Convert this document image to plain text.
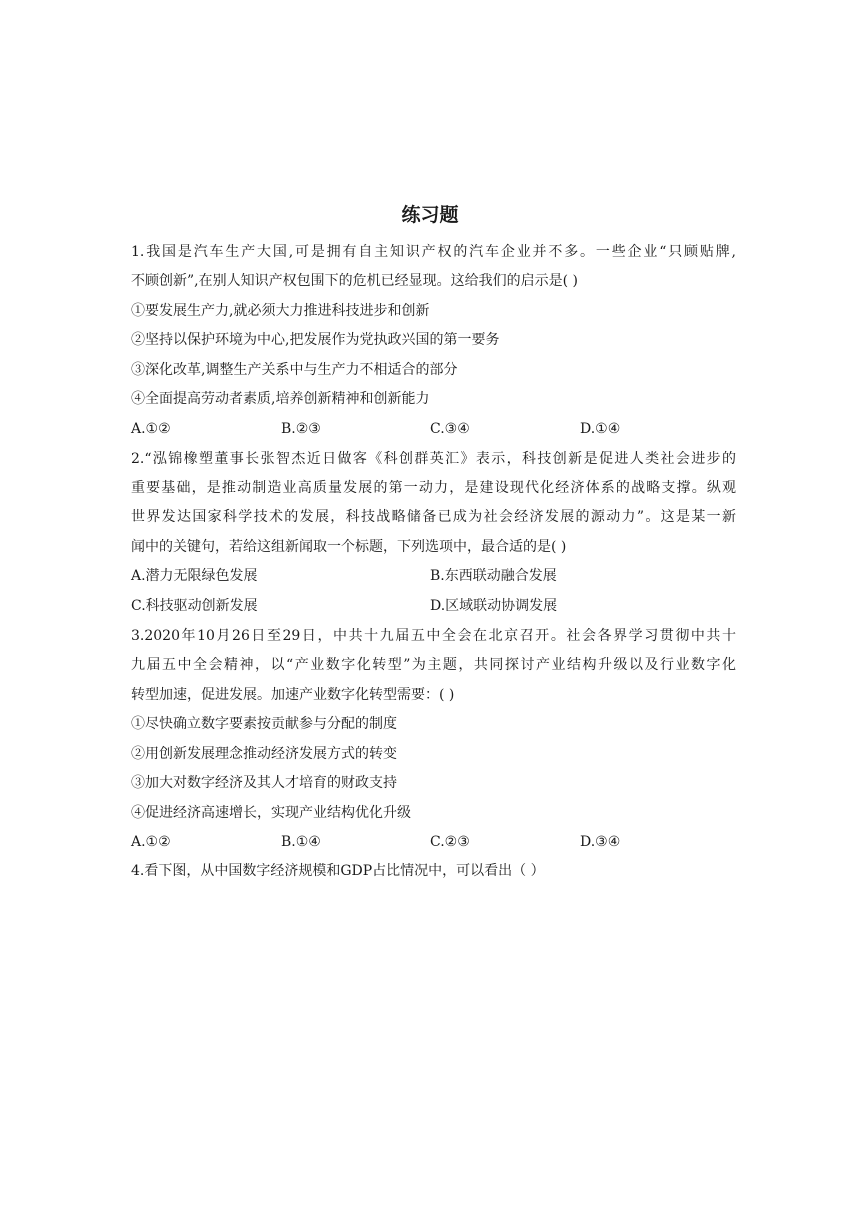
练习题
1.我国是汽车生产大国,可是拥有自主知识产权的汽车企业并不多。一些企业“只顾贴牌,
不顾创新”,在别人知识产权包围下的危机已经显现。这给我们的启示是( )
①要发展生产力,就必须大力推进科技进步和创新
②坚持以保护环境为中心,把发展作为党执政兴国的第一要务
③深化改革,调整生产关系中与生产力不相适合的部分
④全面提高劳动者素质,培养创新精神和创新能力
A.①②	B.②③	C.③④	D.①④
2.“泓锦橡塑董事长张智杰近日做客《科创群英汇》表示，科技创新是促进人类社会进步的
重要基础，是推动制造业高质量发展的第一动力，是建设现代化经济体系的战略支撑。纵观
世界发达国家科学技术的发展，科技战略储备已成为社会经济发展的源动力”。这是某一新
闻中的关键句，若给这组新闻取一个标题，下列选项中，最合适的是( )
A.潜力无限绿色发展	B.东西联动融合发展
C.科技驱动创新发展	D.区域联动协调发展
3.2020年10月26日至29日，中共十九届五中全会在北京召开。社会各界学习贯彻中共十
九届五中全会精神，以“产业数字化转型”为主题，共同探讨产业结构升级以及行业数字化
转型加速，促进发展。加速产业数字化转型需要：( )
①尽快确立数字要素按贡献参与分配的制度
②用创新发展理念推动经济发展方式的转变
③加大对数字经济及其人才培育的财政支持
④促进经济高速增长，实现产业结构优化升级
A.①②	B.①④	C.②③	D.③④
4.看下图，从中国数字经济规模和GDP占比情况中，可以看出（ ）
